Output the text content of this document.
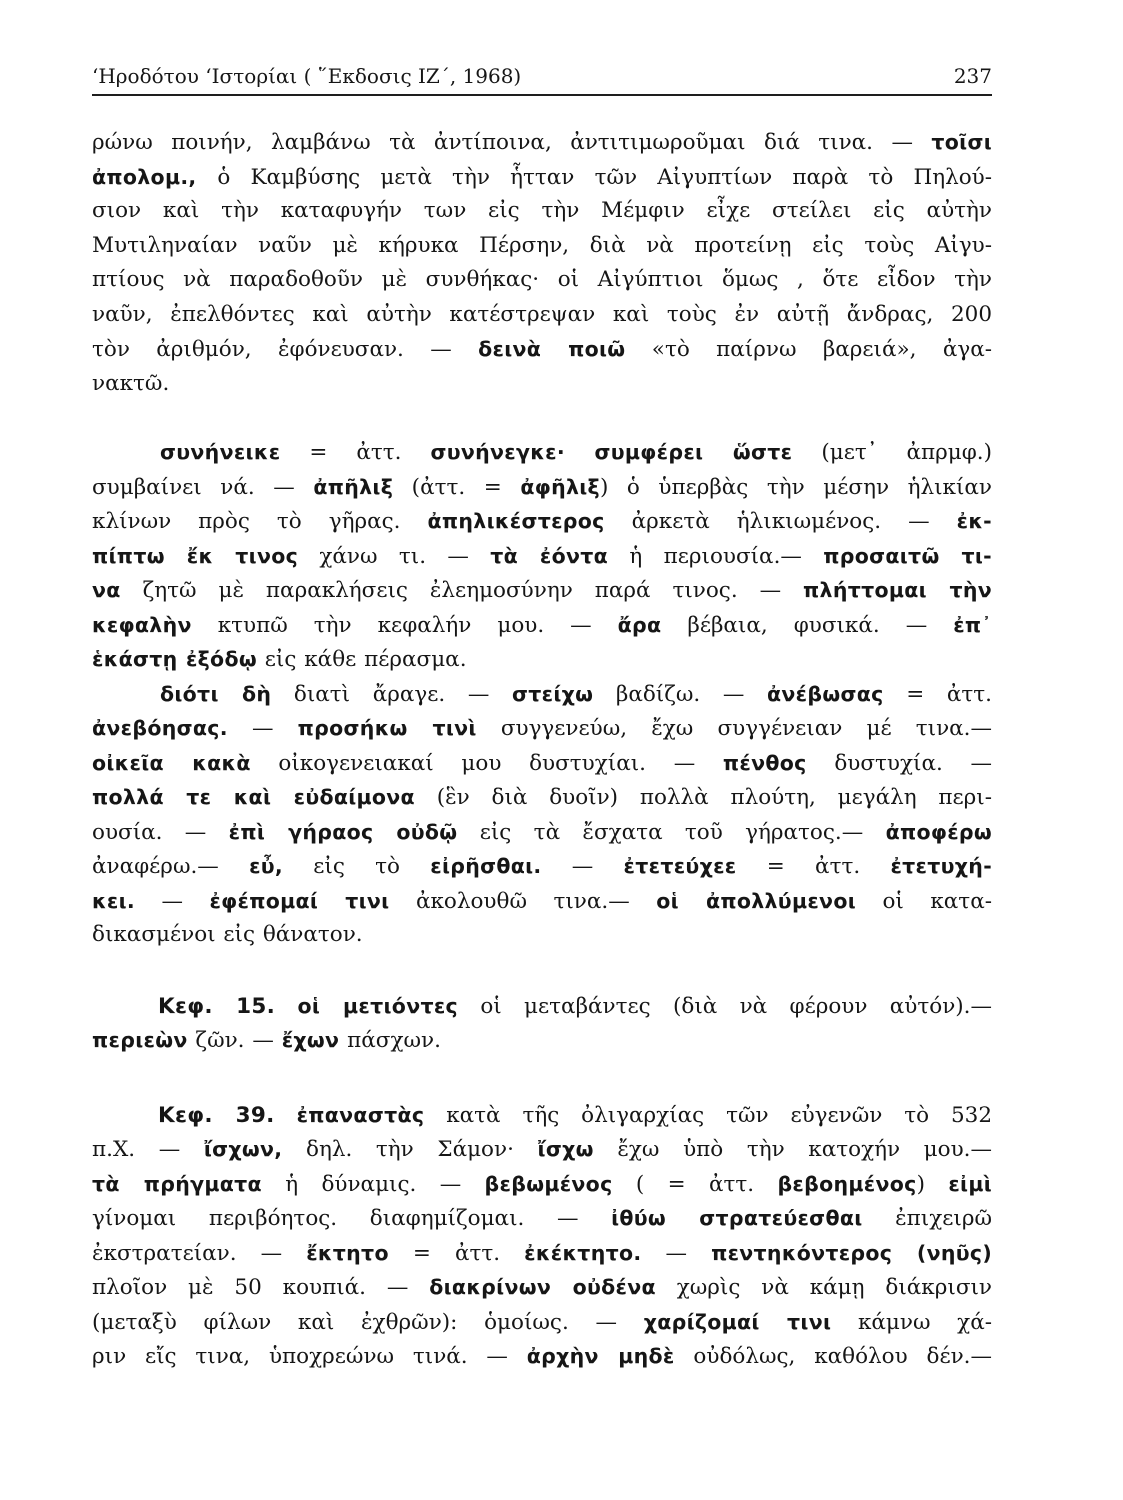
‘Ηροδότου ‘Ιστορίαι ( ῞Εκδοσις ΙΖ΄, 1968)	237
ρώνω ποινήν, λαμβάνω τὰ ἀντίποινα, ἀντιτιμωροῦμαι διά τινα. — τοῖσι
ἀπολομ., ὁ Καμβύσης μετὰ τὴν ἧτταν τῶν Αἰγυπτίων παρὰ τὸ Πηλού-
σιον καὶ τὴν καταφυγήν των εἰς τὴν Μέμφιν εἶχε στείλει εἰς αὐτὴν
Μυτιληναίαν ναῦν μὲ κήρυκα Πέρσην, διὰ νὰ προτείνῃ εἰς τοὺς Αἰγυ-
πτίους νὰ παραδοθοῦν μὲ συνθήκας· οἱ Αἰγύπτιοι ὅμως , ὅτε εἶδον τὴν
ναῦν, ἐπελθόντες καὶ αὐτὴν κατέστρεψαν καὶ τοὺς ἐν αὐτῇ ἄνδρας, 200
τὸν ἀριθμόν, ἐφόνευσαν. — δεινὰ ποιῶ «τὸ παίρνω βαρειά», ἀγα-
νακτῶ.
συνήνεικε = ἀττ. συνήνεγκε· συμφέρει ὥστε (μετ᾽ ἀπρμφ.)
συμβαίνει νά. — ἀπῆλιξ (ἀττ. = ἀφῆλιξ) ὁ ὑπερβὰς τὴν μέσην ἡλικίαν
κλίνων πρὸς τὸ γῆρας. ἀπηλικέστερος ἀρκετὰ ἡλικιωμένος. — ἐκ-
πίπτω ἔκ τινος χάνω τι. — τὰ ἐόντα ἡ περιουσία.— προσαιτῶ τι-
να ζητῶ μὲ παρακλήσεις ἐλεημοσύνην παρά τινος. — πλήττομαι τὴν
κεφαλὴν κτυπῶ τὴν κεφαλήν μου. — ἄρα βέβαια, φυσικά. — ἐπ᾽
ἑκάστῃ ἐξόδῳ εἰς κάθε πέρασμα.
διότι δὴ διατὶ ἄραγε. — στείχω βαδίζω. — ἀνέβωσας = ἀττ.
ἀνεβόησας. — προσήκω τινὶ συγγενεύω, ἔχω συγγένειαν μέ τινα.—
οἰκεῖα κακὰ οἰκογενειακαί μου δυστυχίαι. — πένθος δυστυχία. —
πολλά τε καὶ εὐδαίμονα (ἓν διὰ δυοῖν) πολλὰ πλούτη, μεγάλη περι-
ουσία. — ἐπὶ γήραος οὐδῷ εἰς τὰ ἔσχατα τοῦ γήρατος.— ἀποφέρω
ἀναφέρω.— εὖ, εἰς τὸ εἰρῆσθαι. — ἐτετεύχεε = ἀττ. ἐτετυχή-
κει. — ἐφέπομαί τινι ἀκολουθῶ τινα.— οἱ ἀπολλύμενοι οἱ κατα-
δικασμένοι εἰς θάνατον.
Κεφ. 15. οἱ μετιόντες οἱ μεταβάντες (διὰ νὰ φέρουν αὐτόν).—
περιεὼν ζῶν. — ἔχων πάσχων.
Κεφ. 39. ἐπαναστὰς κατὰ τῆς ὀλιγαρχίας τῶν εὐγενῶν τὸ 532
π.Χ. — ἴσχων, δηλ. τὴν Σάμον· ἴσχω ἔχω ὑπὸ τὴν κατοχήν μου.—
τὰ πρήγματα ἡ δύναμις. — βεβωμένος ( = ἀττ. βεβοημένος) εἰμὶ
γίνομαι περιβόητος. διαφημίζομαι. — ἰθύω στρατεύεσθαι ἐπιχειρῶ
ἐκστρατείαν. — ἔκτητο = ἀττ. ἐκέκτητο. — πεντηκόντερος (νηῦς)
πλοῖον μὲ 50 κουπιά. — διακρίνων οὐδένα χωρὶς νὰ κάμῃ διάκρισιν
(μεταξὺ φίλων καὶ ἐχθρῶν): ὁμοίως. — χαρίζομαί τινι κάμνω χά-
ριν εἴς τινα, ὑποχρεώνω τινά. — ἀρχὴν μηδὲ οὐδόλως, καθόλου δέν.—
